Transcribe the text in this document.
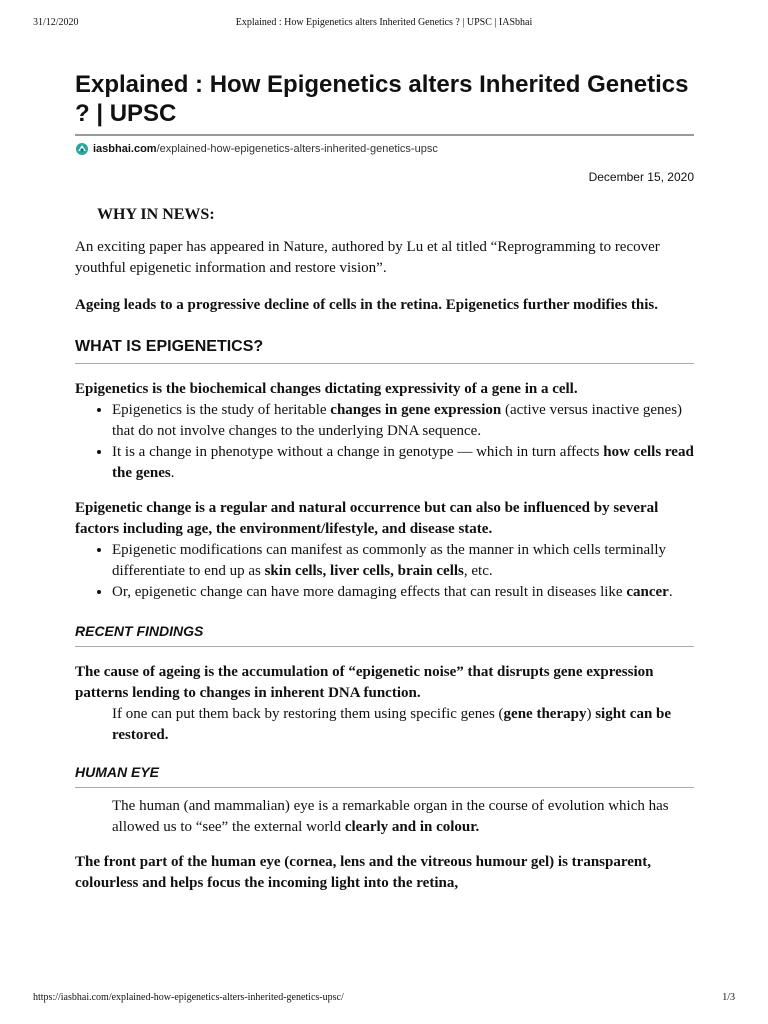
31/12/2020	Explained : How Epigenetics alters Inherited Genetics ? | UPSC | IASbhai
Explained : How Epigenetics alters Inherited Genetics ? | UPSC
iasbhai.com /explained-how-epigenetics-alters-inherited-genetics-upsc
December 15, 2020
WHY IN NEWS:

An exciting paper has appeared in Nature, authored by Lu et al titled “Reprogramming to recover youthful epigenetic information and restore vision”.

Ageing leads to a progressive decline of cells in the retina. Epigenetics further modifies this.

WHAT IS EPIGENETICS?

Epigenetics is the biochemical changes dictating expressivity of a gene in a cell.

• Epigenetics is the study of heritable changes in gene expression (active versus inactive genes) that do not involve changes to the underlying DNA sequence.
• It is a change in phenotype without a change in genotype — which in turn affects how cells read the genes.

Epigenetic change is a regular and natural occurrence but can also be influenced by several factors including age, the environment/lifestyle, and disease state.

• Epigenetic modifications can manifest as commonly as the manner in which cells terminally differentiate to end up as skin cells, liver cells, brain cells, etc.
• Or, epigenetic change can have more damaging effects that can result in diseases like cancer.
RECENT FINDINGS

The cause of ageing is the accumulation of “epigenetic noise” that disrupts gene expression patterns lending to changes in inherent DNA function.

If one can put them back by restoring them using specific genes (gene therapy) sight can be restored.

HUMAN EYE

The human (and mammalian) eye is a remarkable organ in the course of evolution which has allowed us to “see” the external world clearly and in colour.

The front part of the human eye (cornea, lens and the vitreous humour gel) is transparent, colourless and helps focus the incoming light into the retina,

https://iasbhai.com/explained-how-epigenetics-alters-inherited-genetics-upsc/	1/3
